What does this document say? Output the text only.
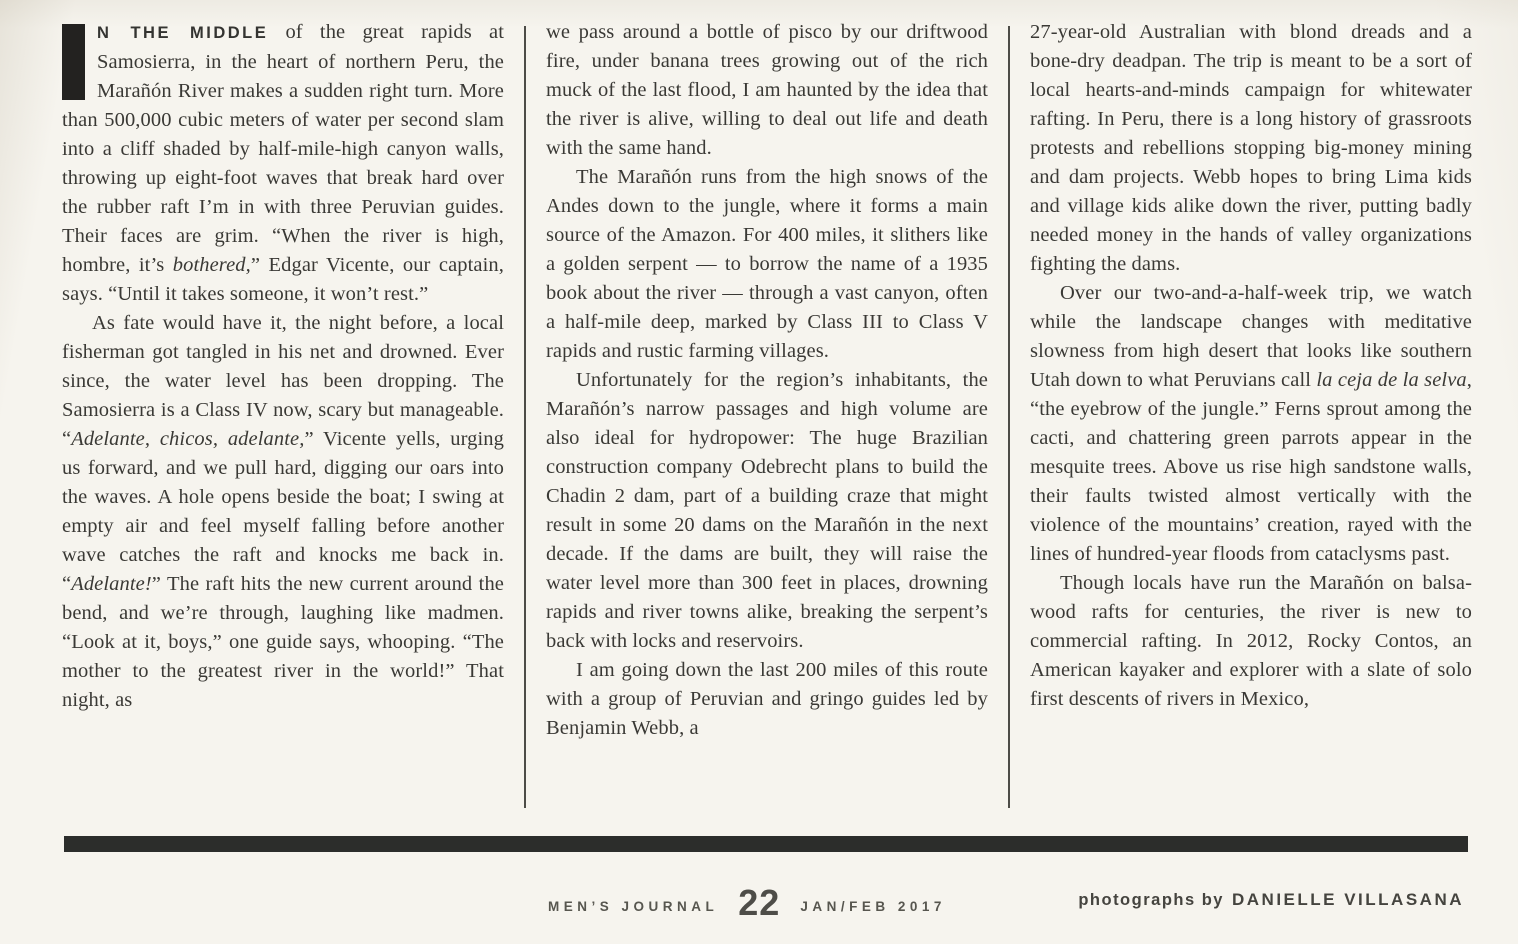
N THE MIDDLE of the great rapids at Samosierra, in the heart of northern Peru, the Marañón River makes a sudden right turn. More than 500,000 cubic meters of water per second slam into a cliff shaded by half-mile-high canyon walls, throwing up eight-foot waves that break hard over the rubber raft I’m in with three Peruvian guides. Their faces are grim. “When the river is high, hombre, it’s bothered,” Edgar Vicente, our captain, says. “Until it takes someone, it won’t rest.”

As fate would have it, the night before, a local fisherman got tangled in his net and drowned. Ever since, the water level has been dropping. The Samosierra is a Class IV now, scary but manageable. “Adelante, chicos, adelante,” Vicente yells, urging us forward, and we pull hard, digging our oars into the waves. A hole opens beside the boat; I swing at empty air and feel myself falling before another wave catches the raft and knocks me back in. “Adelante!” The raft hits the new current around the bend, and we’re through, laughing like madmen. “Look at it, boys,” one guide says, whooping. “The mother to the greatest river in the world!” That night, as

we pass around a bottle of pisco by our driftwood fire, under banana trees growing out of the rich muck of the last flood, I am haunted by the idea that the river is alive, willing to deal out life and death with the same hand.

The Marañón runs from the high snows of the Andes down to the jungle, where it forms a main source of the Amazon. For 400 miles, it slithers like a golden serpent — to borrow the name of a 1935 book about the river — through a vast canyon, often a half-mile deep, marked by Class III to Class V rapids and rustic farming villages.

Unfortunately for the region’s inhabitants, the Marañón’s narrow passages and high volume are also ideal for hydropower: The huge Brazilian construction company Odebrecht plans to build the Chadin 2 dam, part of a building craze that might result in some 20 dams on the Marañón in the next decade. If the dams are built, they will raise the water level more than 300 feet in places, drowning rapids and river towns alike, breaking the serpent’s back with locks and reservoirs.

I am going down the last 200 miles of this route with a group of Peruvian and gringo guides led by Benjamin Webb, a

27-year-old Australian with blond dreads and a bone-dry deadpan. The trip is meant to be a sort of local hearts-and-minds campaign for whitewater rafting. In Peru, there is a long history of grassroots protests and rebellions stopping big-money mining and dam projects. Webb hopes to bring Lima kids and village kids alike down the river, putting badly needed money in the hands of valley organizations fighting the dams.

Over our two-and-a-half-week trip, we watch while the landscape changes with meditative slowness from high desert that looks like southern Utah down to what Peruvians call la ceja de la selva, “the eyebrow of the jungle.” Ferns sprout among the cacti, and chattering green parrots appear in the mesquite trees. Above us rise high sandstone walls, their faults twisted almost vertically with the violence of the mountains’ creation, rayed with the lines of hundred-year floods from cataclysms past.

Though locals have run the Marañón on balsa-wood rafts for centuries, the river is new to commercial rafting. In 2012, Rocky Contos, an American kayaker and explorer with a slate of solo first descents of rivers in Mexico,

MEN’S JOURNAL 22 JAN/FEB 2017	photographs by DANIELLE VILLASANA
